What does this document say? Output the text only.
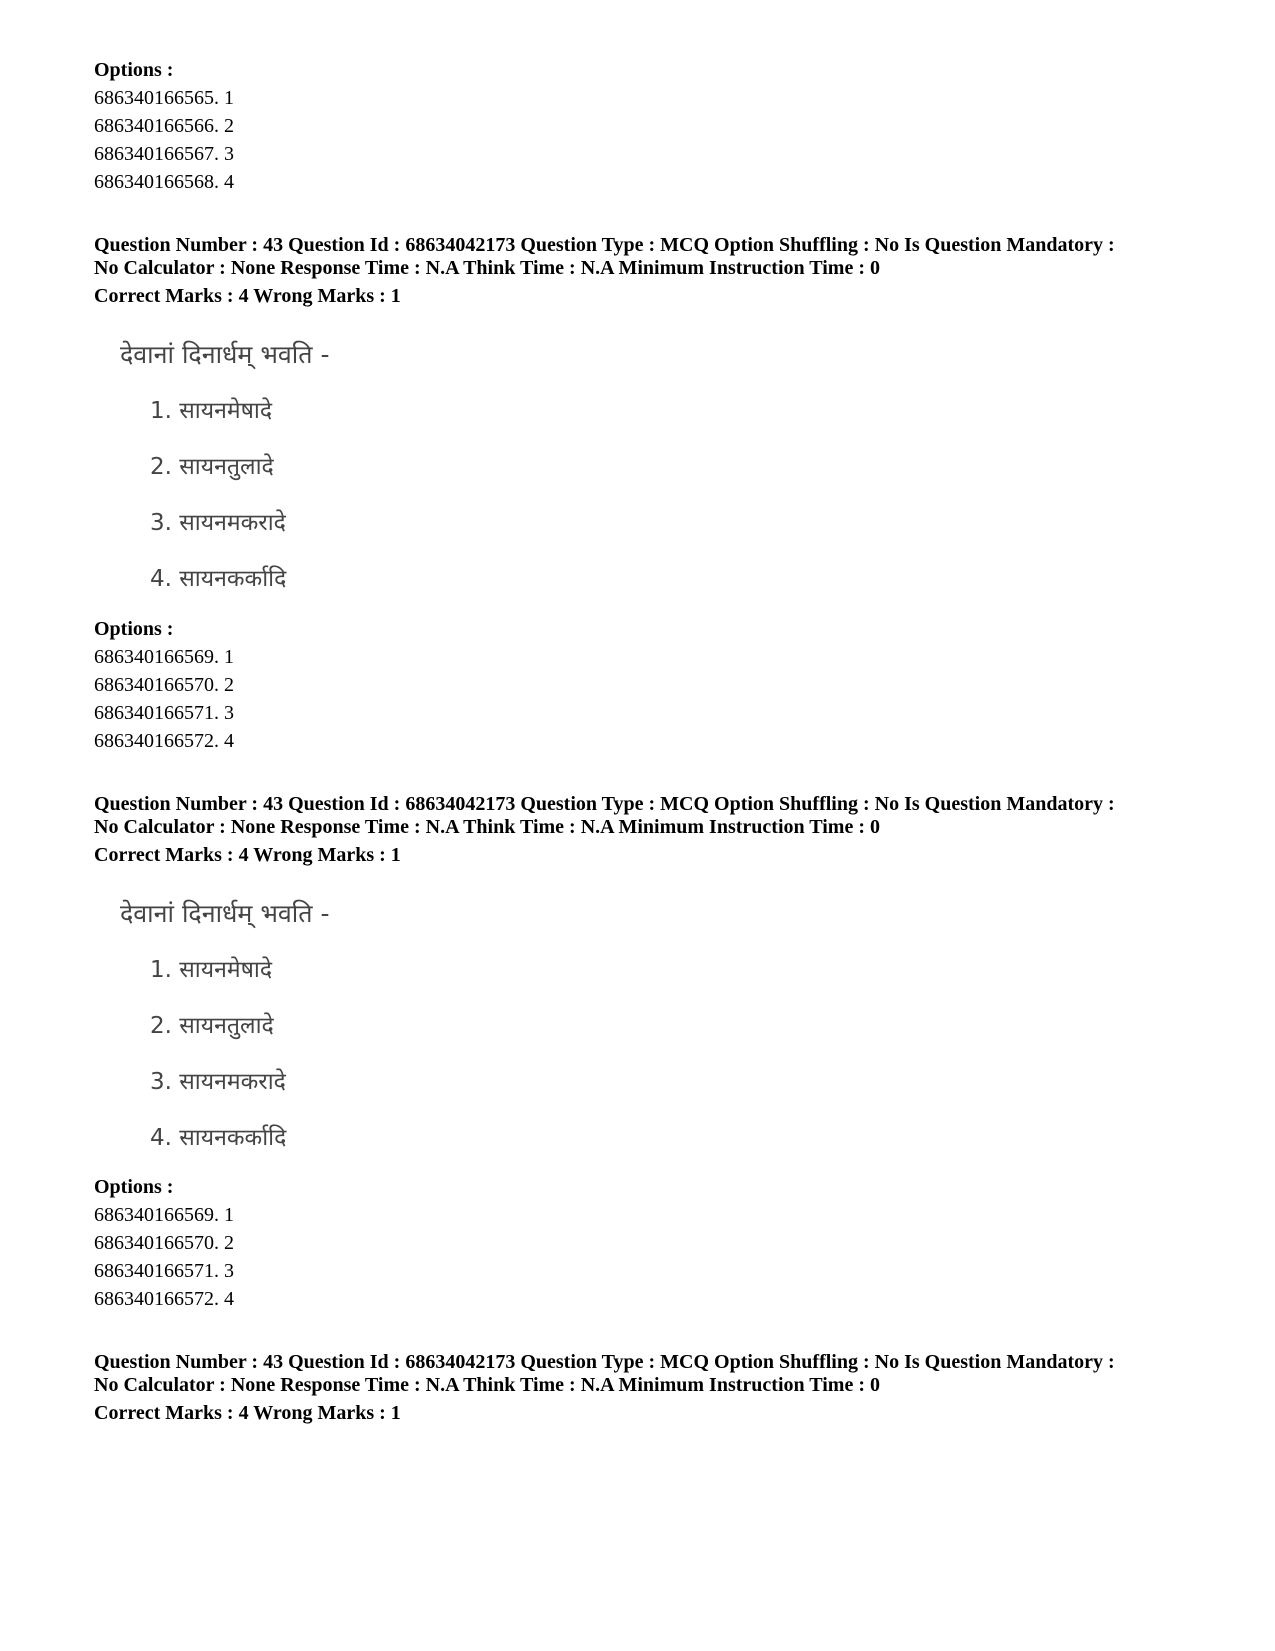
Options :
686340166565. 1
686340166566. 2
686340166567. 3
686340166568. 4
Question Number : 43 Question Id : 68634042173 Question Type : MCQ Option Shuffling : No Is Question Mandatory :
No Calculator : None Response Time : N.A Think Time : N.A Minimum Instruction Time : 0
Correct Marks : 4 Wrong Marks : 1
देवानां दिनार्धम् भवति -
1. सायनमेषादे
2. सायनतुलादे
3. सायनमकरादे
4. सायनकर्कादि
Options :
686340166569. 1
686340166570. 2
686340166571. 3
686340166572. 4
Question Number : 43 Question Id : 68634042173 Question Type : MCQ Option Shuffling : No Is Question Mandatory :
No Calculator : None Response Time : N.A Think Time : N.A Minimum Instruction Time : 0
Correct Marks : 4 Wrong Marks : 1
देवानां दिनार्धम् भवति -
1. सायनमेषादे
2. सायनतुलादे
3. सायनमकरादे
4. सायनकर्कादि
Options :
686340166569. 1
686340166570. 2
686340166571. 3
686340166572. 4
Question Number : 43 Question Id : 68634042173 Question Type : MCQ Option Shuffling : No Is Question Mandatory :
No Calculator : None Response Time : N.A Think Time : N.A Minimum Instruction Time : 0
Correct Marks : 4 Wrong Marks : 1
